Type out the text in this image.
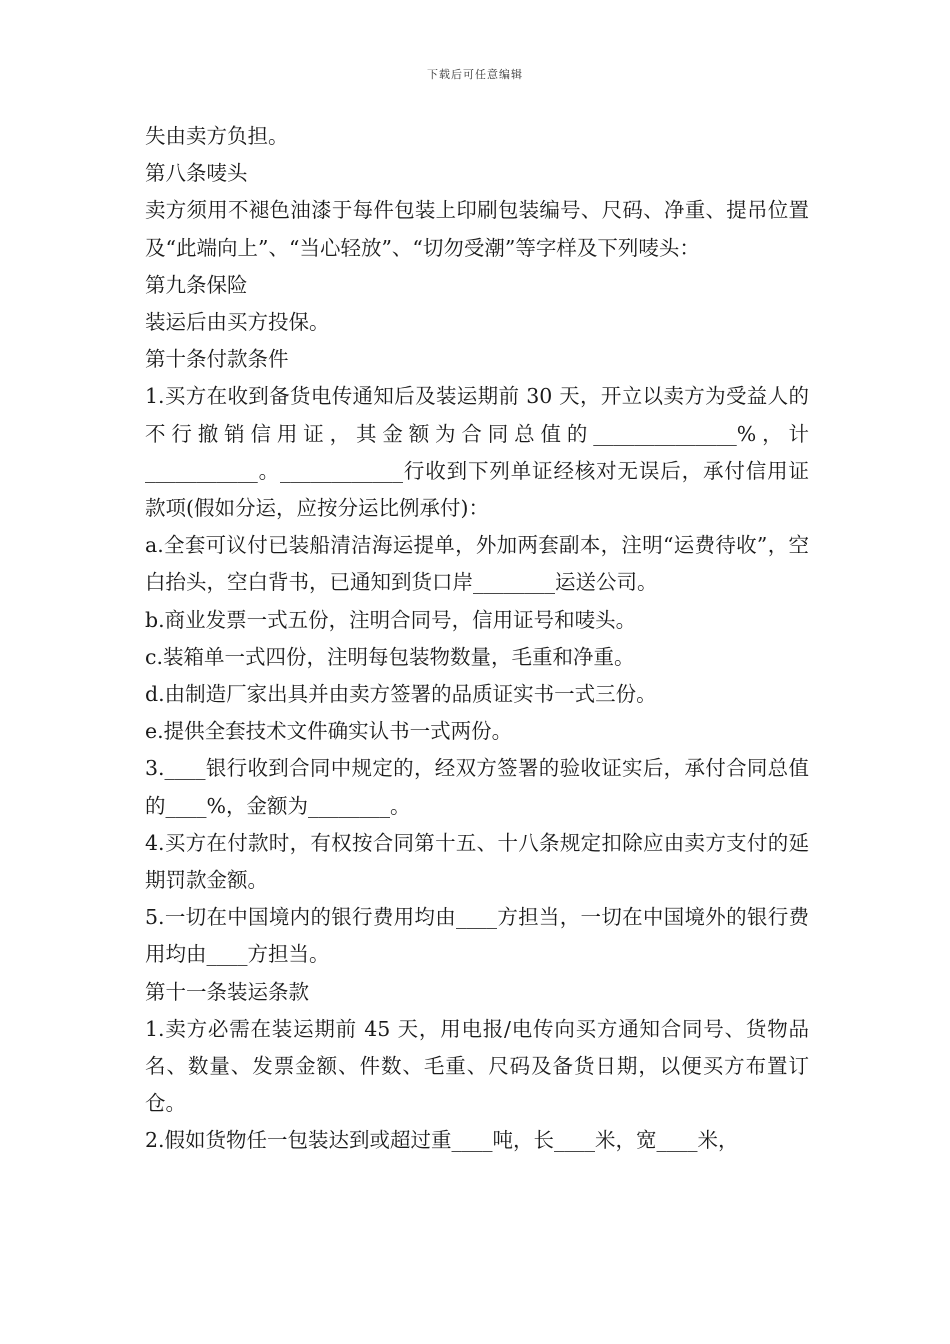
下载后可任意编辑

失由卖方负担。

第八条唛头

卖方须用不褪色油漆于每件包装上印刷包装编号、尺码、净重、提吊位置及“此端向上”、“当心轻放”、“切勿受潮”等字样及下列唛头：

第九条保险

装运后由买方投保。

第十条付款条件

1.买方在收到备货电传通知后及装运期前 30 天，开立以卖方为受益人的不行撤销信用证，其金额为合同总值的______________%，计___________。____________行收到下列单证经核对无误后，承付信用证款项(假如分运，应按分运比例承付)：

a.全套可议付已装船清洁海运提单，外加两套副本，注明“运费待收”，空白抬头，空白背书，已通知到货口岸________运送公司。

b.商业发票一式五份，注明合同号，信用证号和唛头。

c.装箱单一式四份，注明每包装物数量，毛重和净重。

d.由制造厂家出具并由卖方签署的品质证实书一式三份。

e.提供全套技术文件确实认书一式两份。

3.____银行收到合同中规定的，经双方签署的验收证实后，承付合同总值的____%，金额为________。

4.买方在付款时，有权按合同第十五、十八条规定扣除应由卖方支付的延期罚款金额。

5.一切在中国境内的银行费用均由____方担当，一切在中国境外的银行费用均由____方担当。

第十一条装运条款

1.卖方必需在装运期前 45 天，用电报/电传向买方通知合同号、货物品名、数量、发票金额、件数、毛重、尺码及备货日期，以便买方布置订仓。

2.假如货物任一包装达到或超过重____吨，长____米，宽____米，
